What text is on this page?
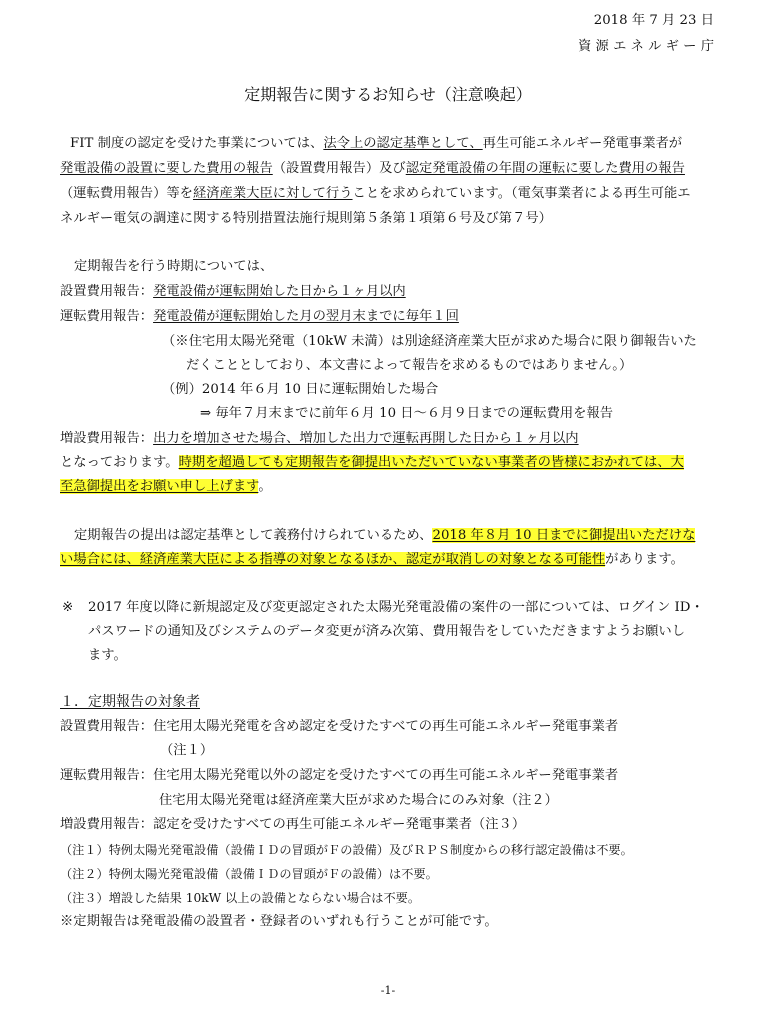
2018 年 7 月 23 日
資 源 エ ネ ル ギ ー 庁
定期報告に関するお知らせ（注意喚起）
FIT 制度の認定を受けた事業については、法令上の認定基準として、再生可能エネルギー発電事業者が
発電設備の設置に要した費用の報告（設置費用報告）及び認定発電設備の年間の運転に要した費用の報告
（運転費用報告）等を経済産業大臣に対して行うことを求められています。（電気事業者による再生可能エ
ネルギー電気の調達に関する特別措置法施行規則第５条第１項第６号及び第７号）
定期報告を行う時期については、
設置費用報告：発電設備が運転開始した日から１ヶ月以内
運転費用報告：発電設備が運転開始した月の翌月末までに毎年１回
（※住宅用太陽光発電（10kW 未満）は別途経済産業大臣が求めた場合に限り御報告いた
だくこととしており、本文書によって報告を求めるものではありません。）
（例）2014 年６月 10 日に運転開始した場合
⇒ 毎年７月末までに前年６月 10 日～６月９日までの運転費用を報告
増設費用報告：出力を増加させた場合、増加した出力で運転再開した日から１ヶ月以内
となっております。時期を超過しても定期報告を御提出いただいていない事業者の皆様におかれては、大
至急御提出をお願い申し上げます。
定期報告の提出は認定基準として義務付けられているため、2018 年８月 10 日までに御提出いただけな
い場合には、経済産業大臣による指導の対象となるほか、認定が取消しの対象となる可能性があります。
※ 2017 年度以降に新規認定及び変更認定された太陽光発電設備の案件の一部については、ログイン ID・
パスワードの通知及びシステムのデータ変更が済み次第、費用報告をしていただきますようお願いし
ます。
１．定期報告の対象者
設置費用報告：住宅用太陽光発電を含め認定を受けたすべての再生可能エネルギー発電事業者
（注１）
運転費用報告：住宅用太陽光発電以外の認定を受けたすべての再生可能エネルギー発電事業者
住宅用太陽光発電は経済産業大臣が求めた場合にのみ対象（注２）
増設費用報告：認定を受けたすべての再生可能エネルギー発電事業者（注３）
（注１）特例太陽光発電設備（設備ＩＤの冒頭がＦの設備）及びＲＰＳ制度からの移行認定設備は不要。
（注２）特例太陽光発電設備（設備ＩＤの冒頭がＦの設備）は不要。
（注３）増設した結果 10kW 以上の設備とならない場合は不要。
※定期報告は発電設備の設置者・登録者のいずれも行うことが可能です。
-1-
